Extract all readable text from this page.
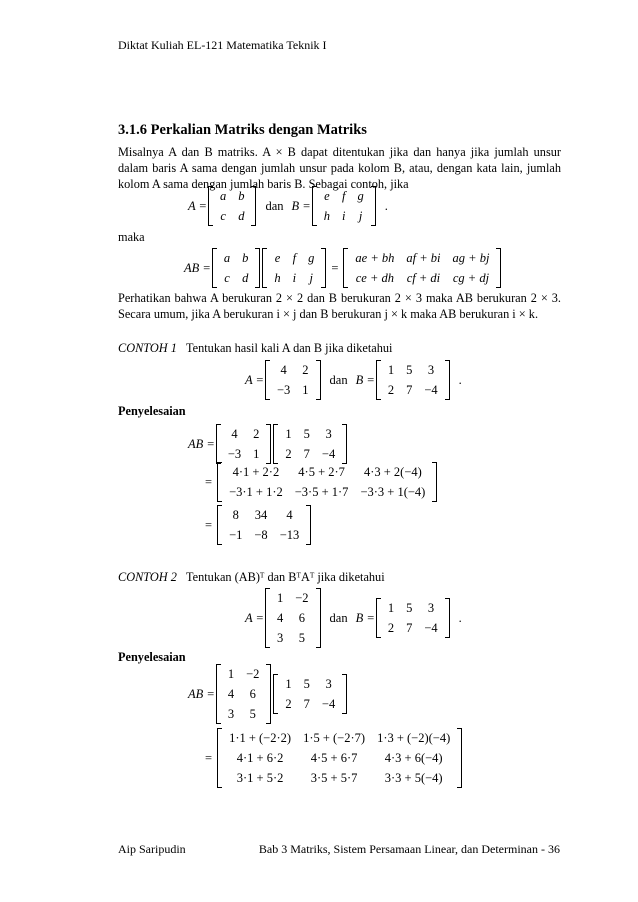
Diktat Kuliah EL-121 Matematika Teknik I
3.1.6 Perkalian Matriks dengan Matriks
Misalnya A dan B matriks. A × B dapat ditentukan jika dan hanya jika jumlah unsur dalam baris A sama dengan jumlah unsur pada kolom B, atau, dengan kata lain, jumlah kolom A sama dengan jumlah baris B. Sebagai contoh, jika
A =
a	b
c	d
dan B =
e	f	g
h	i	j
.
maka
AB =
a	b
c	d
e	f	g
h	i	j
=
ae + bh	af + bi	ag + bj
ce + dh	cf + di	cg + dj
Perhatikan bahwa A berukuran 2 × 2 dan B berukuran 2 × 3 maka AB berukuran 2 × 3. Secara umum, jika A berukuran i × j dan B berukuran j × k maka AB berukuran i × k.
CONTOH 1 Tentukan hasil kali A dan B jika diketahui
A =
4	2
−3	1
dan B =
1	5	3
2	7	−4
.
Penyelesaian
AB =
4	2
−3	1
1	5	3
2	7	−4
=
4·1 + 2·2	4·5 + 2·7	4·3 + 2(−4)
−3·1 + 1·2	−3·5 + 1·7	−3·3 + 1(−4)
=
8	34	4
−1	−8	−13
CONTOH 2 Tentukan (AB)ᵀ dan BᵀAᵀ jika diketahui
A =
1	−2
4	6
3	5
dan B =
1	5	3
2	7	−4
.
Penyelesaian
AB =
1	−2
4	6
3	5
1	5	3
2	7	−4
=
1·1 + (−2·2)	1·5 + (−2·7)	1·3 + (−2)(−4)
4·1 + 6·2	4·5 + 6·7	4·3 + 6(−4)
3·1 + 5·2	3·5 + 5·7	3·3 + 5(−4)
Aip Saripudin	Bab 3 Matriks, Sistem Persamaan Linear, dan Determinan - 36
